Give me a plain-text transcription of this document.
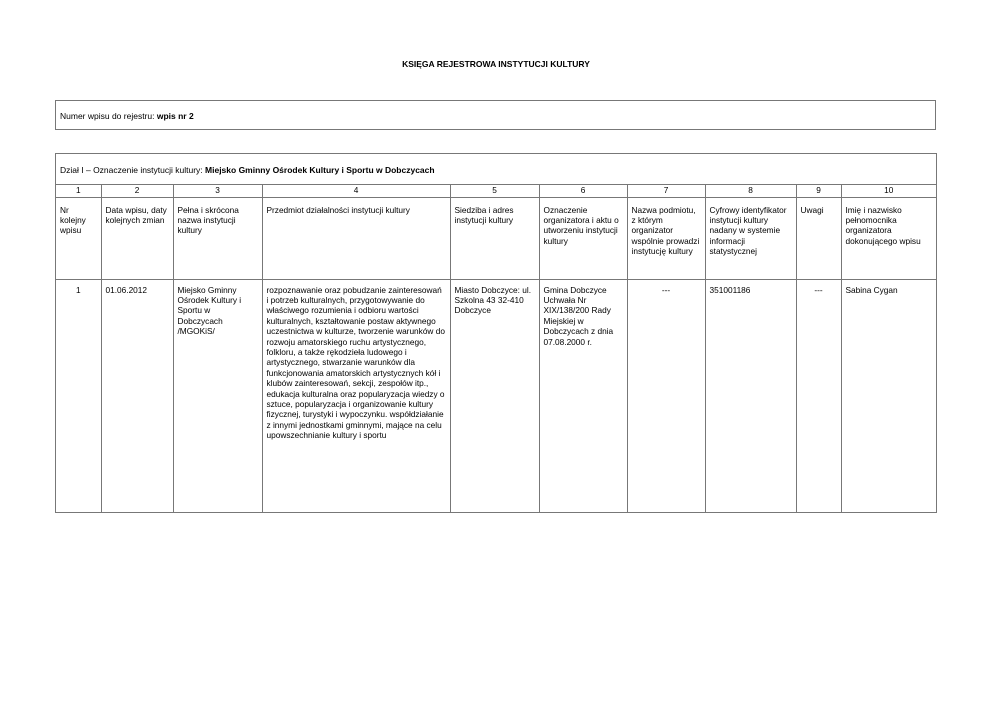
KSIĘGA REJESTROWA INSTYTUCJI KULTURY
Numer wpisu do rejestru: wpis nr 2
Dział I – Oznaczenie instytucji kultury: Miejsko Gminny Ośrodek Kultury i Sportu w Dobczycach
1	2	3	4	5	6	7	8	9	10
Nr kolejny wpisu	Data wpisu, daty kolejnych zmian	Pełna i skrócona nazwa instytucji kultury	Przedmiot działalności instytucji kultury	Siedziba i adres instytucji kultury	Oznaczenie organizatora i aktu o utworzeniu instytucji kultury	Nazwa podmiotu, z którym organizator wspólnie prowadzi instytucję kultury	Cyfrowy identyfikator instytucji kultury nadany w systemie informacji statystycznej	Uwagi	Imię i nazwisko pełnomocnika organizatora dokonującego wpisu
1	01.06.2012	Miejsko Gminny Ośrodek Kultury i Sportu w Dobczycach /MGOKiS/	rozpoznawanie oraz pobudzanie zainteresowań i potrzeb kulturalnych, przygotowywanie do właściwego rozumienia i odbioru wartości kulturalnych, kształtowanie postaw aktywnego uczestnictwa w kulturze, tworzenie warunków do rozwoju amatorskiego ruchu artystycznego, folkloru, a także rękodzieła ludowego i artystycznego, stwarzanie warunków dla funkcjonowania amatorskich artystycznych kół i klubów zainteresowań, sekcji, zespołów itp., edukacja kulturalna oraz popularyzacja wiedzy o sztuce, popularyzacja i organizowanie kultury fizycznej, turystyki i wypoczynku. współdziałanie z innymi jednostkami gminnymi, mające na celu upowszechnianie kultury i sportu	Miasto Dobczyce: ul. Szkolna 43 32-410 Dobczyce	Gmina Dobczyce Uchwała Nr XIX/138/200 Rady Miejskiej w Dobczycach z dnia 07.08.2000 r.	---	351001186	---	Sabina Cygan
